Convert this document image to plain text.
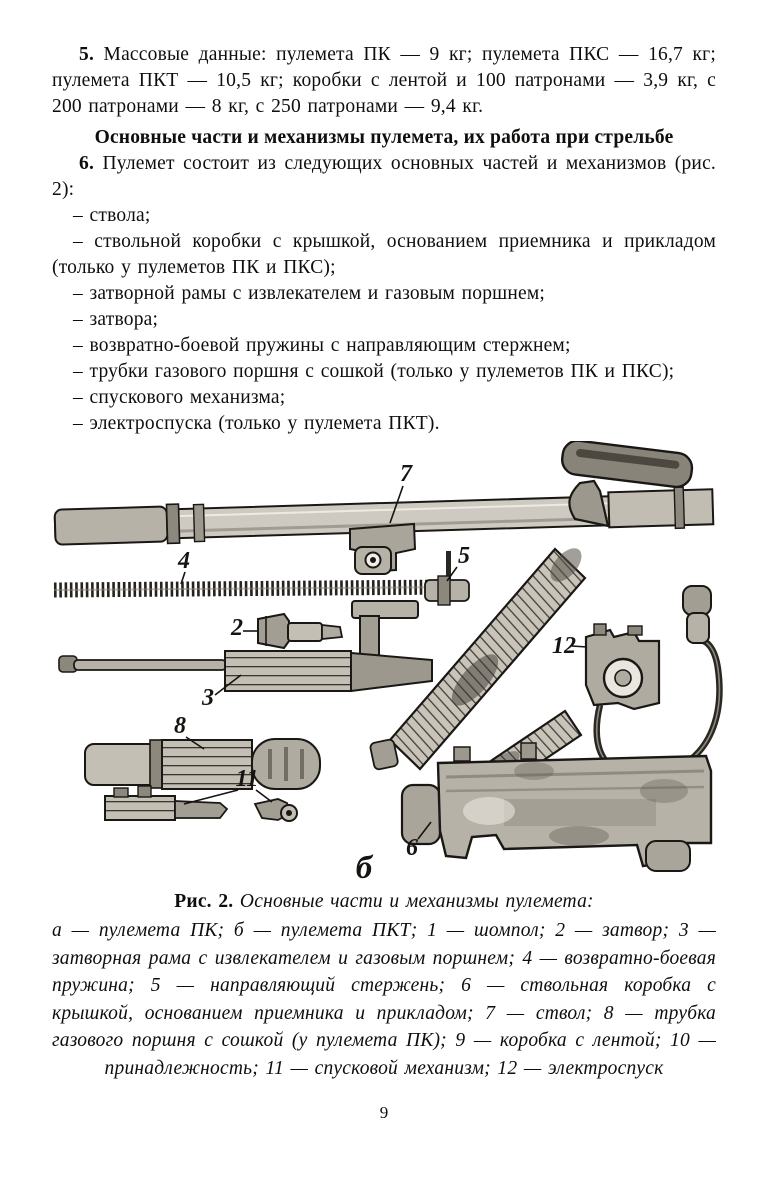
5. Массовые данные: пулемета ПК — 9 кг; пулемета ПКС — 16,7 кг; пулемета ПКТ — 10,5 кг; коробки с лентой и 100 патронами — 3,9 кг, с 200 патронами — 8 кг, с 250 патронами — 9,4 кг.

Основные части и механизмы пулемета, их работа при стрельбе

6. Пулемет состоит из следующих основных частей и механизмов (рис. 2):

– ствола;

– ствольной коробки с крышкой, основанием приемника и прикладом (только у пулеметов ПК и ПКС);

– затворной рамы с извлекателем и газовым поршнем;

– затвора;

– возвратно-боевой пружины с направляющим стержнем;

– трубки газового поршня с сошкой (только у пулеметов ПК и ПКС);

– спускового механизма;

– электроспуска (только у пулемета ПКТ).

7
4	5
2
3
8
11
12
6
б

Рис. 2. Основные части и механизмы пулемета:

а — пулемета ПК; б — пулемета ПКТ; 1 — шомпол; 2 — затвор; 3 — затворная рама с извлекателем и газовым поршнем; 4 — возвратно-боевая пружина; 5 — направляющий стержень; 6 — ствольная коробка с крышкой, основанием приемника и прикладом; 7 — ствол; 8 — трубка газового поршня с сошкой (у пулемета ПК); 9 — коробка с лентой; 10 — принадлежность; 11 — спусковой механизм; 12 — электроспуск

9
